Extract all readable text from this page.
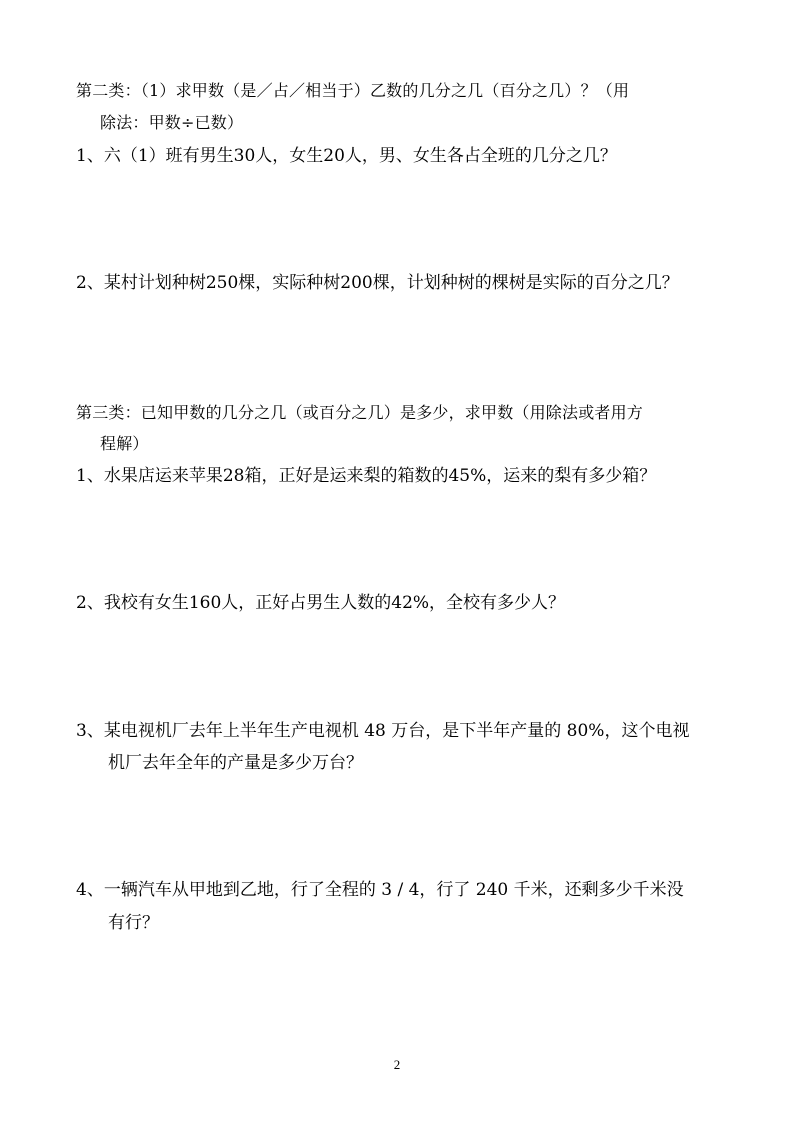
第二类：（1）求甲数（是／占／相当于）乙数的几分之几（百分之几）？（用
除法：甲数÷已数）
1、六（1）班有男生30人，女生20人，男、女生各占全班的几分之几？
2、某村计划种树250棵，实际种树200棵，计划种树的棵树是实际的百分之几？
第三类：已知甲数的几分之几（或百分之几）是多少，求甲数（用除法或者用方
程解）
1、水果店运来苹果28箱，正好是运来梨的箱数的45%，运来的梨有多少箱？
2、我校有女生160人，正好占男生人数的42%，全校有多少人？
3、某电视机厂去年上半年生产电视机 48 万台，是下半年产量的 80%，这个电视
机厂去年全年的产量是多少万台？
4、一辆汽车从甲地到乙地，行了全程的 3 / 4，行了 240 千米，还剩多少千米没
有行？
2
